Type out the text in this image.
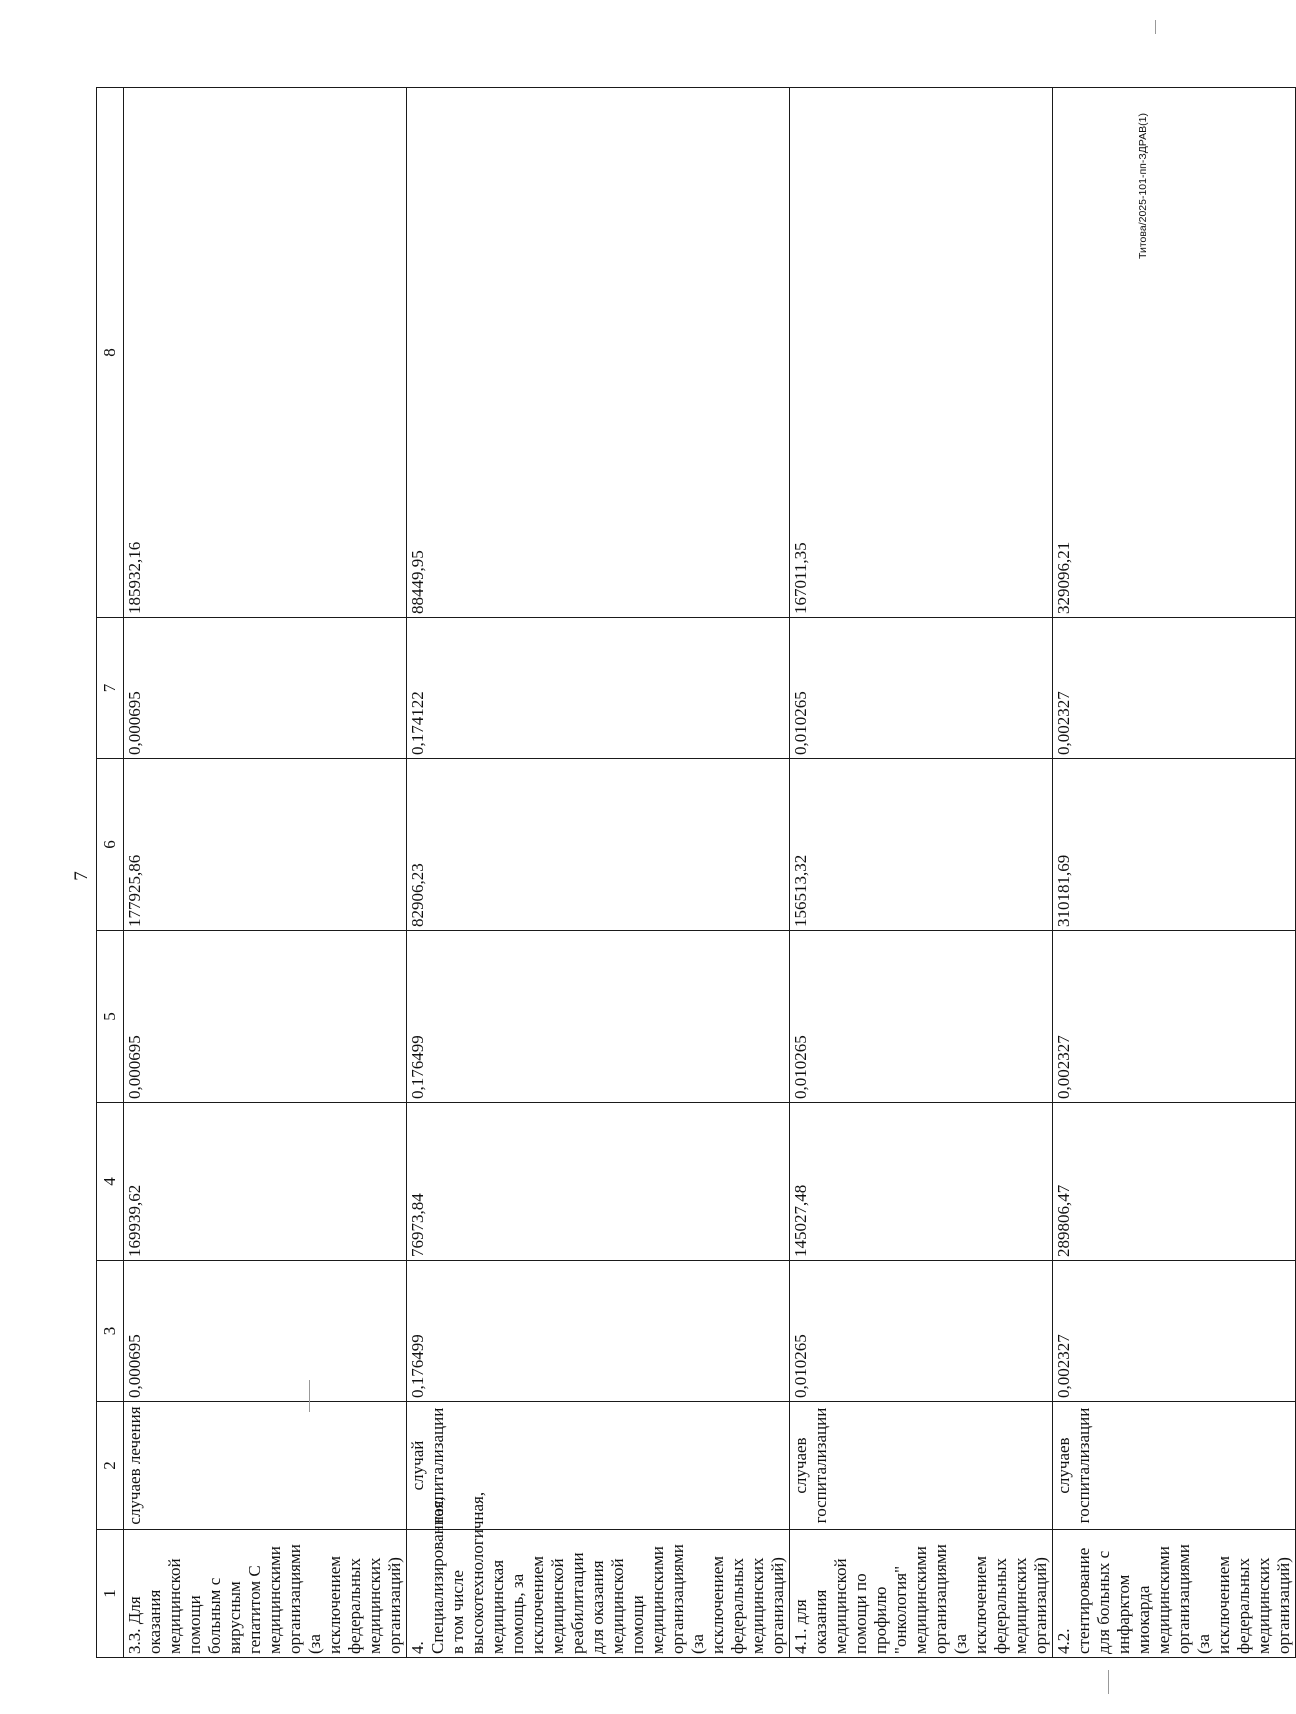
7
Титова/2025-101-пп-ЗДРАВ(1)
1	2	3	4	5	6	7	8
3.3. Для оказания медицинской помощи больным с вирусным гепатитом С медицинскими организациями (за исключением федеральных медицинских организаций)	случаев лечения	0,000695	169939,62	0,000695	177925,86	0,000695	185932,16
4. Специализированная, в том числе высокотехнологичная, медицинская помощь, за исключением медицинской реабилитации для оказания медицинской помощи медицинскими организациями (за исключением федеральных медицинских организаций)	случай госпитализации	0,176499	76973,84	0,176499	82906,23	0,174122	88449,95
4.1. для оказания медицинской помощи по профилю "онкология" медицинскими организациями (за исключением федеральных медицинских организаций)	случаев госпитализации	0,010265	145027,48	0,010265	156513,32	0,010265	167011,35
4.2. стентирование для больных с инфарктом миокарда медицинскими организациями (за исключением федеральных медицинских организаций)	случаев госпитализации	0,002327	289806,47	0,002327	310181,69	0,002327	329096,21
